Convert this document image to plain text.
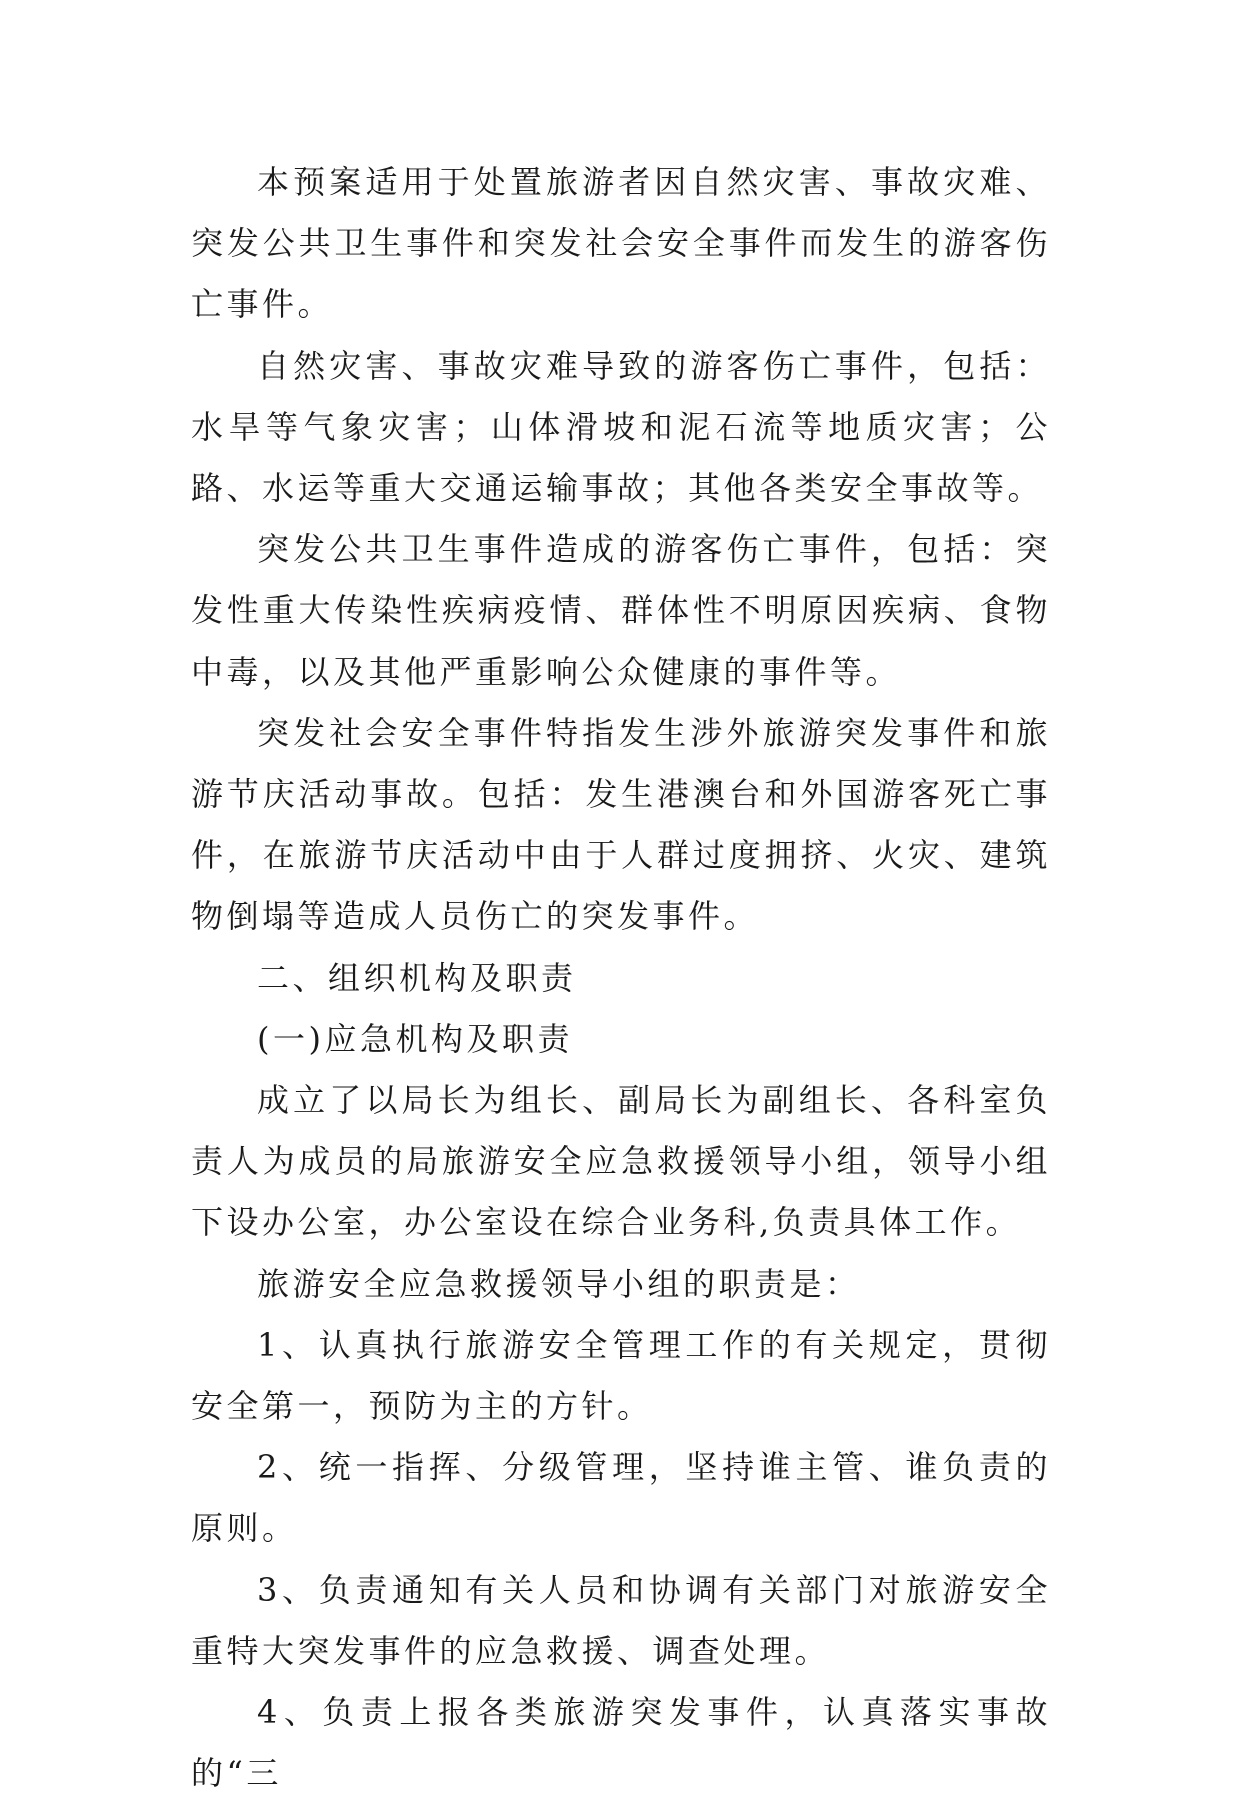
本预案适用于处置旅游者因自然灾害、事故灾难、突发公共卫生事件和突发社会安全事件而发生的游客伤亡事件。

自然灾害、事故灾难导致的游客伤亡事件，包括：水旱等气象灾害；山体滑坡和泥石流等地质灾害；公路、水运等重大交通运输事故；其他各类安全事故等。

突发公共卫生事件造成的游客伤亡事件，包括：突发性重大传染性疾病疫情、群体性不明原因疾病、食物中毒，以及其他严重影响公众健康的事件等。

突发社会安全事件特指发生涉外旅游突发事件和旅游节庆活动事故。包括：发生港澳台和外国游客死亡事件，在旅游节庆活动中由于人群过度拥挤、火灾、建筑物倒塌等造成人员伤亡的突发事件。

二、组织机构及职责

(一)应急机构及职责

成立了以局长为组长、副局长为副组长、各科室负责人为成员的局旅游安全应急救援领导小组，领导小组下设办公室，办公室设在综合业务科,负责具体工作。

旅游安全应急救援领导小组的职责是：

1、认真执行旅游安全管理工作的有关规定，贯彻安全第一，预防为主的方针。

2、统一指挥、分级管理，坚持谁主管、谁负责的原则。

3、负责通知有关人员和协调有关部门对旅游安全重特大突发事件的应急救援、调查处理。

4、负责上报各类旅游突发事件，认真落实事故的“三
